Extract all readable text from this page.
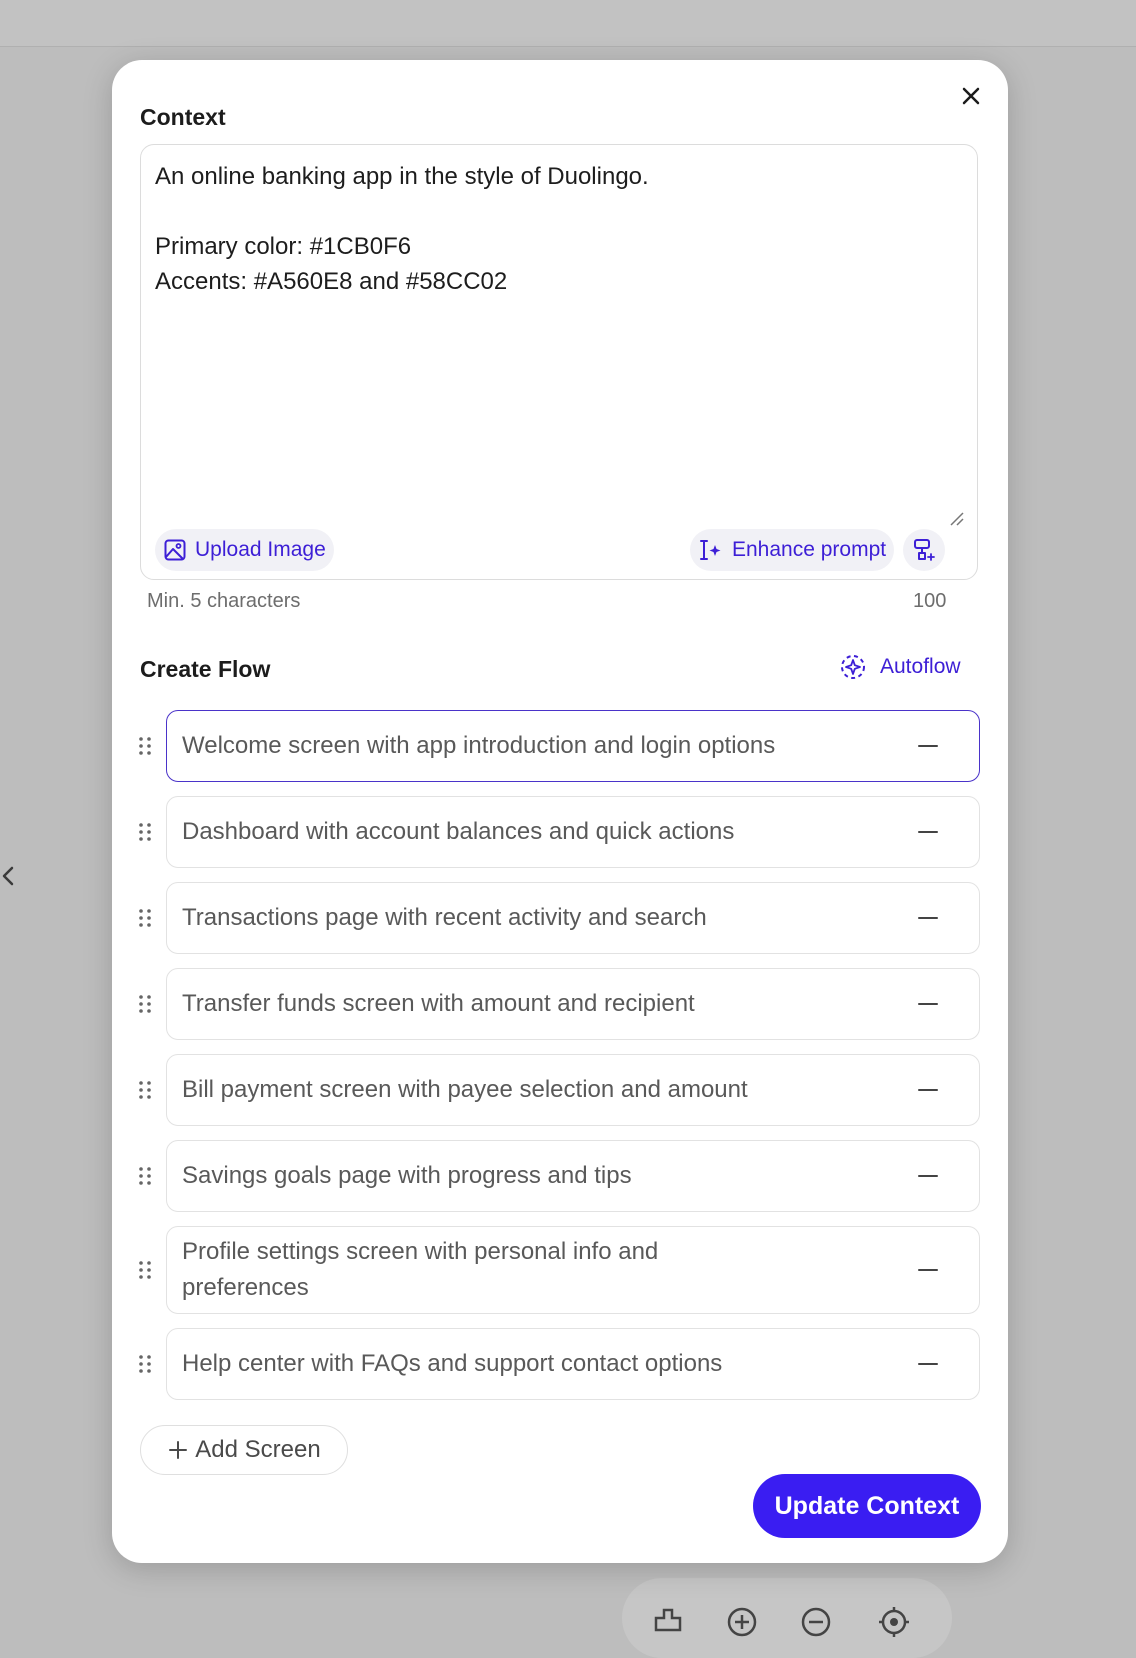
Context
An online banking app in the style of Duolingo.

Primary color: #1CB0F6
Accents: #A560E8 and #58CC02
Upload Image	Enhance prompt
Min. 5 characters	100
Create Flow	Autoflow
Welcome screen with app introduction and login options
Dashboard with account balances and quick actions
Transactions page with recent activity and search
Transfer funds screen with amount and recipient
Bill payment screen with payee selection and amount
Savings goals page with progress and tips
Profile settings screen with personal info and preferences
Help center with FAQs and support contact options
Add Screen
Update Context
